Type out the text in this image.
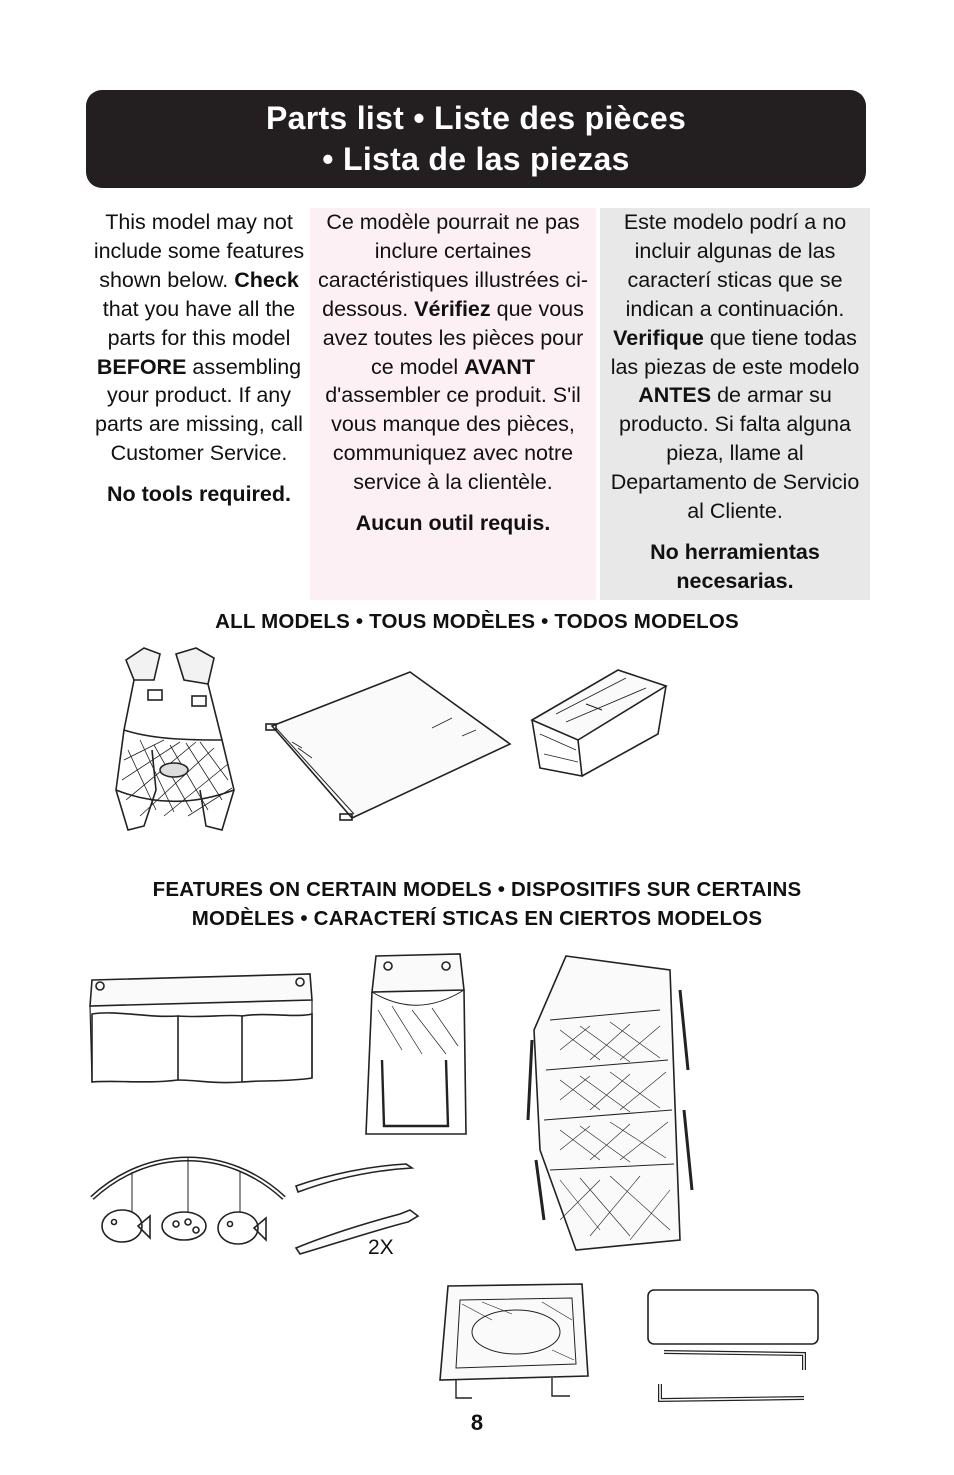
Parts list • Liste des pièces
• Lista de las piezas

This model may not include some features shown below. Check that you have all the parts for this model BEFORE assembling your product. If any parts are missing, call Customer Service.

No tools required.

Ce modèle pourrait ne pas inclure certaines caractéristiques illustrées ci-dessous. Vérifiez que vous avez toutes les pièces pour ce model AVANT d'assembler ce produit. S'il vous manque des pièces, communiquez avec notre service à la clientèle.

Aucun outil requis.

Este modelo podrí a no incluir algunas de las caracterí sticas que se indican a continuación. Verifique que tiene todas las piezas de este modelo ANTES de armar su producto. Si falta alguna pieza, llame al Departamento de Servicio al Cliente.

No herramientas necesarias.

ALL MODELS • TOUS MODÈLES • TODOS MODELOS
FEATURES ON CERTAIN MODELS • DISPOSITIFS SUR CERTAINS
MODÈLES • CARACTERÍ STICAS EN CIERTOS MODELOS
2X
8
